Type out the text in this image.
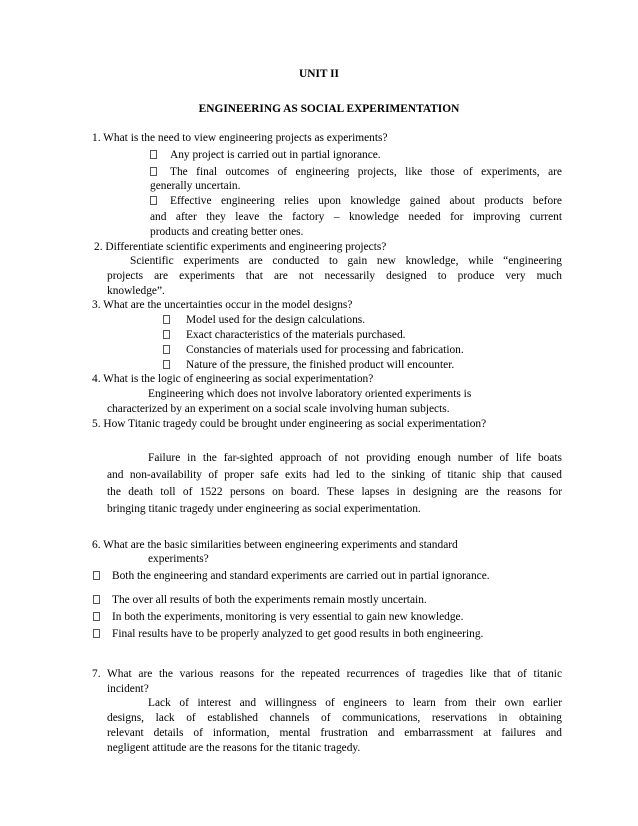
UNIT II
ENGINEERING AS SOCIAL EXPERIMENTATION
1. What is the need to view engineering projects as experiments?
Any project is carried out in partial ignorance.
The final outcomes of engineering projects, like those of experiments, are
generally uncertain.
Effective engineering relies upon knowledge gained about products before
and after they leave the factory – knowledge needed for improving current
products and creating better ones.
2. Differentiate scientific experiments and engineering projects?
Scientific experiments are conducted to gain new knowledge, while “engineering
projects are experiments that are not necessarily designed to produce very much
knowledge”.
3. What are the uncertainties occur in the model designs?
Model used for the design calculations.
Exact characteristics of the materials purchased.
Constancies of materials used for processing and fabrication.
Nature of the pressure, the finished product will encounter.
4. What is the logic of engineering as social experimentation?
Engineering which does not involve laboratory oriented experiments is
characterized by an experiment on a social scale involving human subjects.
5. How Titanic tragedy could be brought under engineering as social experimentation?
Failure in the far-sighted approach of not providing enough number of life boats
and non-availability of proper safe exits had led to the sinking of titanic ship that caused
the death toll of 1522 persons on board. These lapses in designing are the reasons for
bringing titanic tragedy under engineering as social experimentation.
6. What are the basic similarities between engineering experiments and standard
experiments?
Both the engineering and standard experiments are carried out in partial ignorance.
The over all results of both the experiments remain mostly uncertain.
In both the experiments, monitoring is very essential to gain new knowledge.
Final results have to be properly analyzed to get good results in both engineering.
7. What are the various reasons for the repeated recurrences of tragedies like that of titanic
incident?
Lack of interest and willingness of engineers to learn from their own earlier
designs, lack of established channels of communications, reservations in obtaining
relevant details of information, mental frustration and embarrassment at failures and
negligent attitude are the reasons for the titanic tragedy.
